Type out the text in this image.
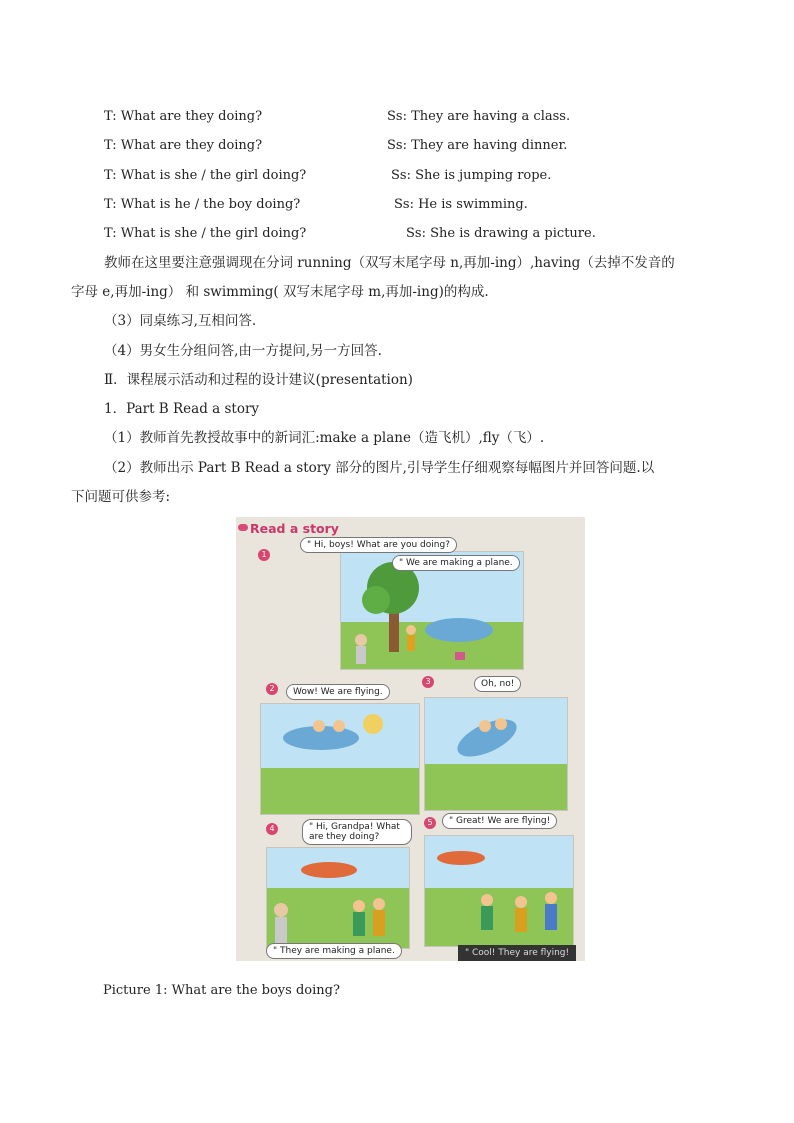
T: What are they doing?	Ss: They are having a class.
T: What are they doing?	Ss: They are having dinner.
T: What is she / the girl doing?	Ss: She is jumping rope.
T: What is he / the boy doing?	Ss: He is swimming.
T: What is she / the girl doing?	Ss: She is drawing a picture.
教师在这里要注意强调现在分词 running（双写末尾字母 n,再加-ing）,having（去掉不发音的
字母 e,再加-ing） 和 swimming( 双写末尾字母 m,再加-ing)的构成.
（3）同桌练习,互相问答.
（4）男女生分组问答,由一方提问,另一方回答.
Ⅱ．课程展示活动和过程的设计建议(presentation)
1．Part B Read a story
（1）教师首先教授故事中的新词汇:make a plane（造飞机）,fly（飞）.
（2）教师出示 Part B Read a story 部分的图片,引导学生仔细观察每幅图片并回答问题.以
下问题可供参考:
Read a story
1
" Hi, boys! What are you doing?
" We are making a plane.
2	Wow! We are flying.
3	Oh, no!
4	" Hi, Grandpa! What are they doing?
" They are making a plane.
5	" Great! We are flying!
" Cool! They are flying!
Picture 1: What are the boys doing?
